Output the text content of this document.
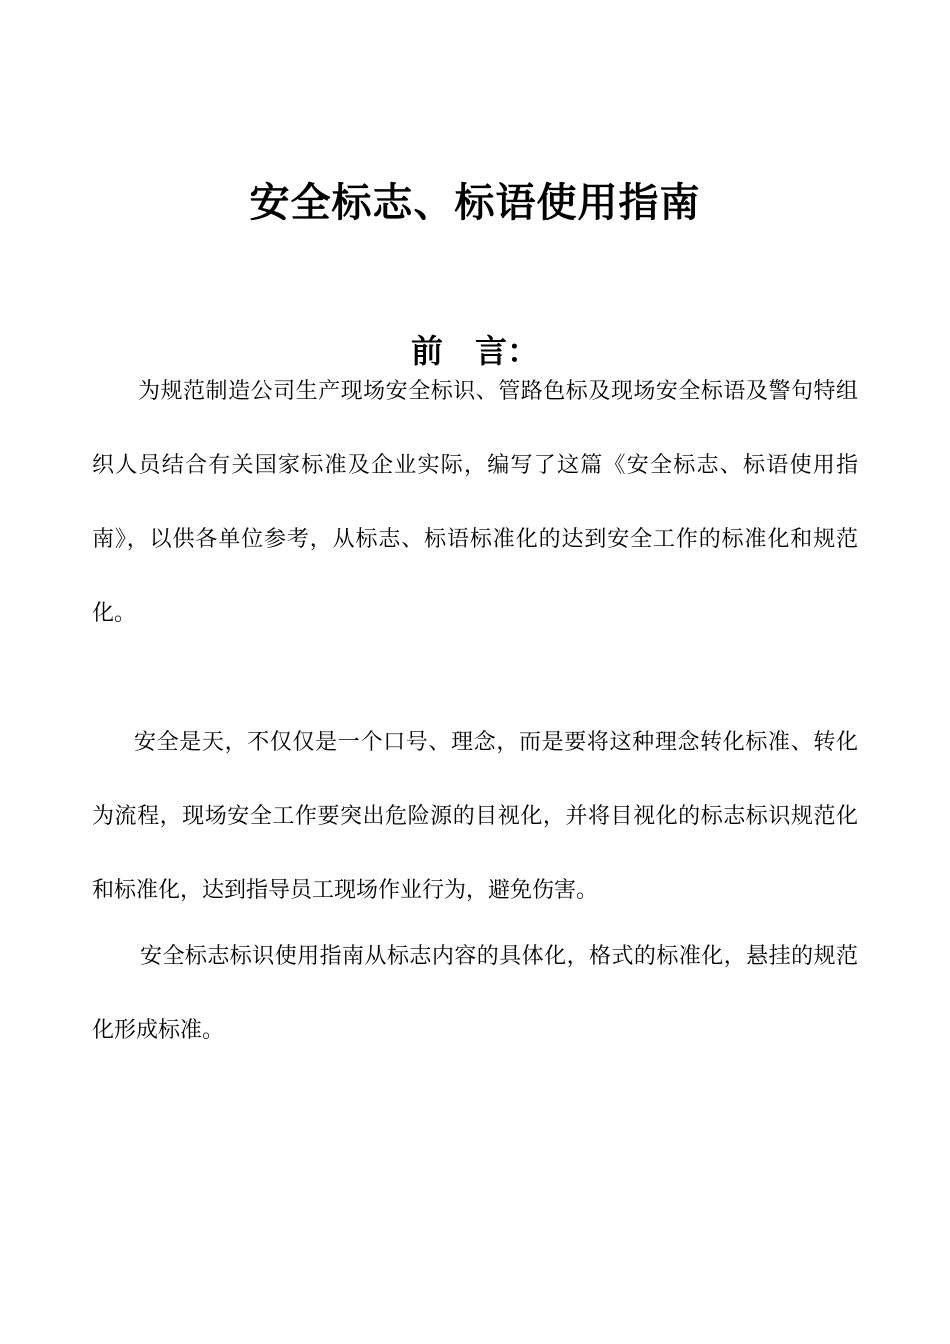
安全标志、标语使用指南
前　言：

为规范制造公司生产现场安全标识、管路色标及现场安全标语及警句特组织人员结合有关国家标准及企业实际，编写了这篇《安全标志、标语使用指南》，以供各单位参考，从标志、标语标准化的达到安全工作的标准化和规范化。

安全是天，不仅仅是一个口号、理念，而是要将这种理念转化标准、转化为流程，现场安全工作要突出危险源的目视化，并将目视化的标志标识规范化和标准化，达到指导员工现场作业行为，避免伤害。

安全标志标识使用指南从标志内容的具体化，格式的标准化，悬挂的规范化形成标准。
